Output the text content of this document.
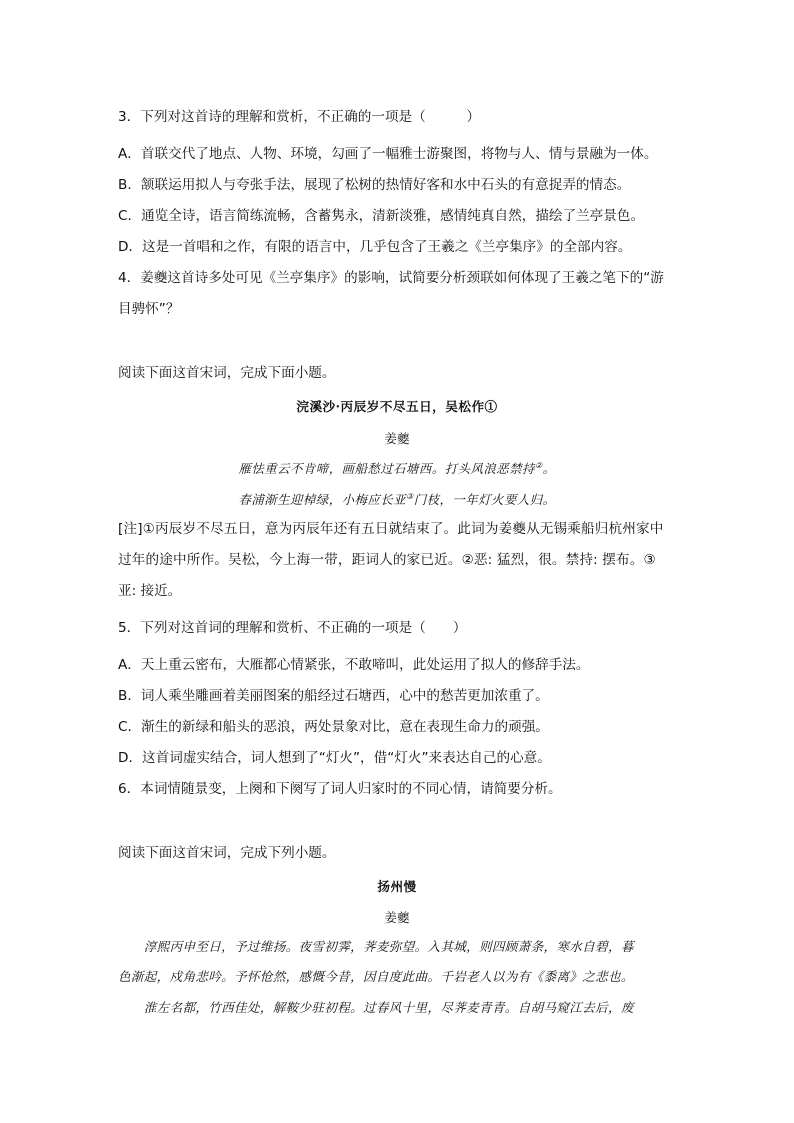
3．下列对这首诗的理解和赏析，不正确的一项是（　　　）
A．首联交代了地点、人物、环境，勾画了一幅雅士游聚图，将物与人、情与景融为一体。
B．颔联运用拟人与夸张手法，展现了松树的热情好客和水中石头的有意捉弄的情态。
C．通览全诗，语言简练流畅，含蓄隽永，清新淡雅，感情纯真自然，描绘了兰亭景色。
D．这是一首唱和之作，有限的语言中，几乎包含了王羲之《兰亭集序》的全部内容。
4．姜夔这首诗多处可见《兰亭集序》的影响，试简要分析颈联如何体现了王羲之笔下的“游
目骋怀”？
阅读下面这首宋词，完成下面小题。
浣溪沙·丙辰岁不尽五日，吴松作①
姜夔
雁怯重云不肯啼，画船愁过石塘西。打头风浪恶禁持②。
春浦渐生迎棹绿，小梅应长亚③门枝，一年灯火要人归。
[注]①丙辰岁不尽五日，意为丙辰年还有五日就结束了。此词为姜夔从无锡乘船归杭州家中
过年的途中所作。吴松，今上海一带，距词人的家已近。②恶: 猛烈，很。禁持: 摆布。③
亚: 接近。
5．下列对这首词的理解和赏析、不正确的一项是（　　）
A．天上重云密布，大雁都心情紧张，不敢啼叫，此处运用了拟人的修辞手法。
B．词人乘坐雕画着美丽图案的船经过石塘西，心中的愁苦更加浓重了。
C．渐生的新绿和船头的恶浪，两处景象对比，意在表现生命力的顽强。
D．这首词虚实结合，词人想到了“灯火”，借“灯火”来表达自己的心意。
6．本词情随景变，上阕和下阕写了词人归家时的不同心情，请简要分析。
阅读下面这首宋词，完成下列小题。
扬州慢
姜夔
　　淳熙丙申至日，予过维扬。夜雪初霁，荠麦弥望。入其城，则四顾萧条，寒水自碧，暮
色渐起，戍角悲吟。予怀怆然，感慨今昔，因自度此曲。千岩老人以为有《黍离》之悲也。
　　淮左名都，竹西佳处，解鞍少驻初程。过春风十里，尽荠麦青青。自胡马窥江去后，废
